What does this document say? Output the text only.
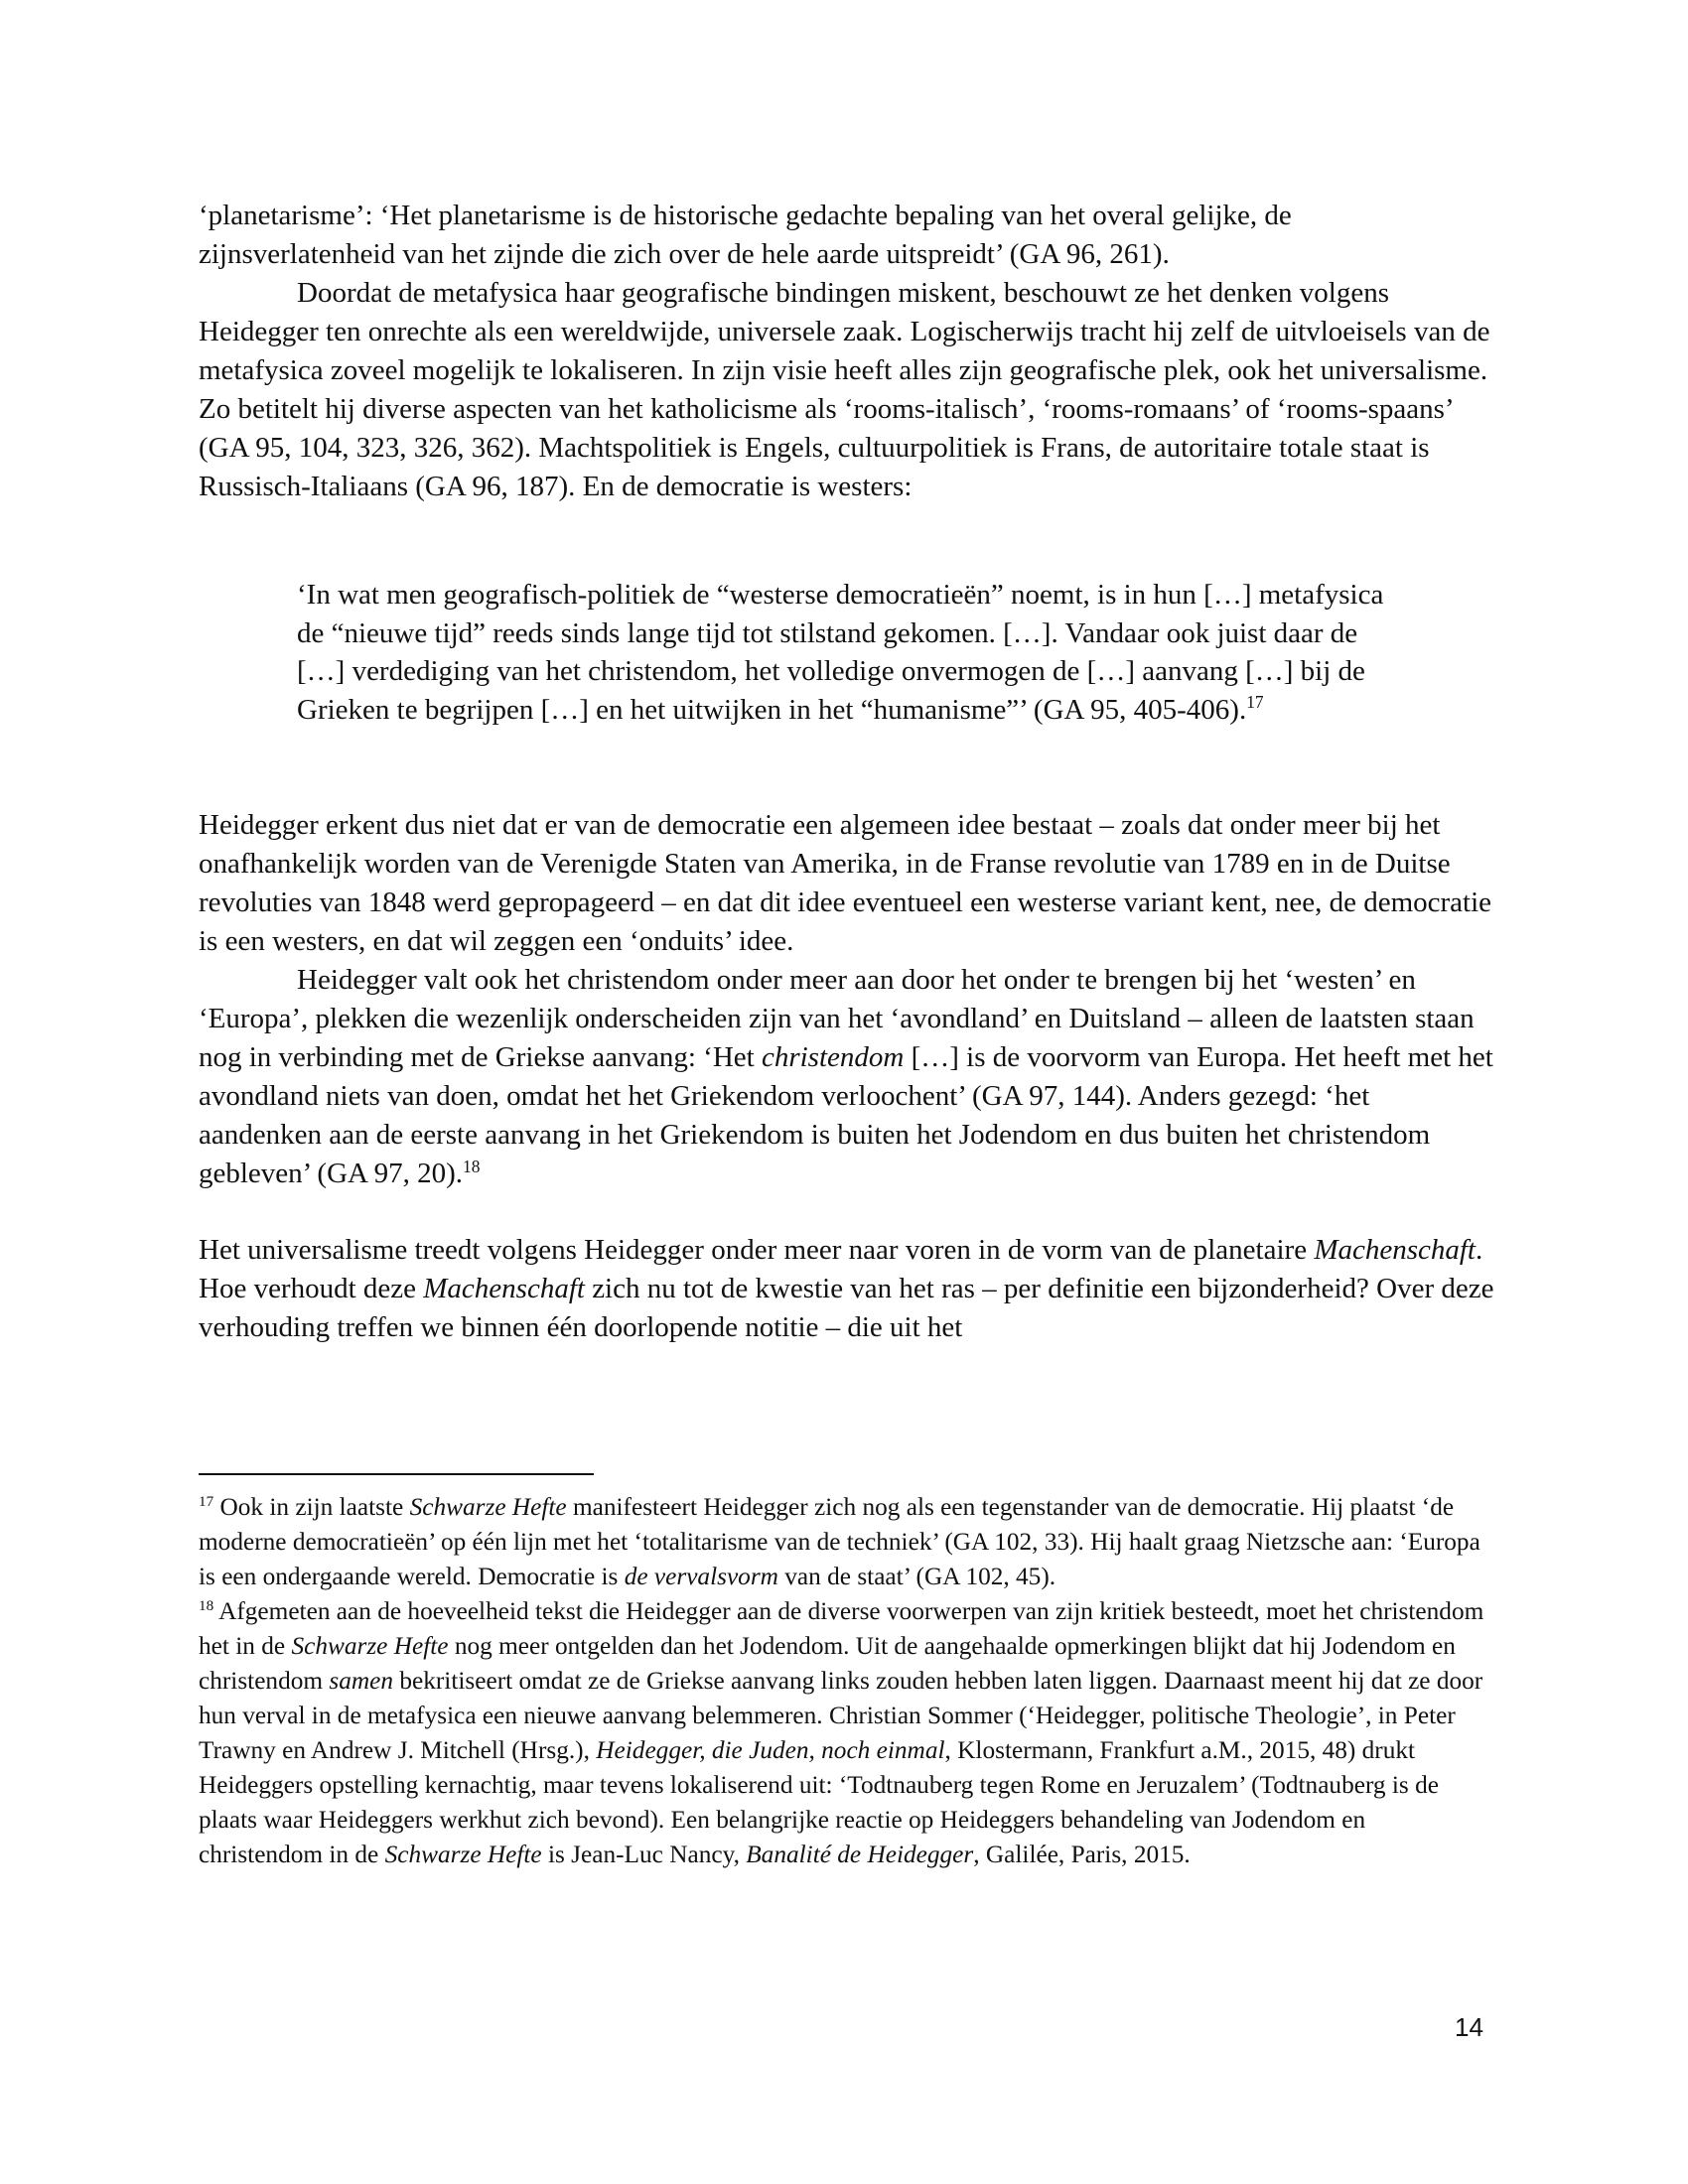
‘planetarisme’: ‘Het planetarisme is de historische gedachte bepaling van het overal gelijke, de zijnsverlatenheid van het zijnde die zich over de hele aarde uitspreidt’ (GA 96, 261).

Doordat de metafysica haar geografische bindingen miskent, beschouwt ze het denken volgens Heidegger ten onrechte als een wereldwijde, universele zaak. Logischerwijs tracht hij zelf de uitvloeisels van de metafysica zoveel mogelijk te lokaliseren. In zijn visie heeft alles zijn geografische plek, ook het universalisme. Zo betitelt hij diverse aspecten van het katholicisme als ‘rooms-italisch’, ‘rooms-romaans’ of ‘rooms-spaans’ (GA 95, 104, 323, 326, 362). Machtspolitiek is Engels, cultuurpolitiek is Frans, de autoritaire totale staat is Russisch-Italiaans (GA 96, 187). En de democratie is westers:

‘In wat men geografisch-politiek de “westerse democratieën” noemt, is in hun […] metafysica de “nieuwe tijd” reeds sinds lange tijd tot stilstand gekomen. […]. Vandaar ook juist daar de […] verdediging van het christendom, het volledige onvermogen de […] aanvang […] bij de Grieken te begrijpen […] en het uitwijken in het “humanisme”’ (GA 95, 405-406).$^{17}$

Heidegger erkent dus niet dat er van de democratie een algemeen idee bestaat – zoals dat onder meer bij het onafhankelijk worden van de Verenigde Staten van Amerika, in de Franse revolutie van 1789 en in de Duitse revoluties van 1848 werd gepropageerd – en dat dit idee eventueel een westerse variant kent, nee, de democratie is een westers, en dat wil zeggen een ‘onduits’ idee.

Heidegger valt ook het christendom onder meer aan door het onder te brengen bij het ‘westen’ en ‘Europa’, plekken die wezenlijk onderscheiden zijn van het ‘avondland’ en Duitsland – alleen de laatsten staan nog in verbinding met de Griekse aanvang: ‘Het christendom […] is de voorvorm van Europa. Het heeft met het avondland niets van doen, omdat het het Griekendom verloochent’ (GA 97, 144). Anders gezegd: ‘het aandenken aan de eerste aanvang in het Griekendom is buiten het Jodendom en dus buiten het christendom gebleven’ (GA 97, 20).$^{18}$

Het universalisme treedt volgens Heidegger onder meer naar voren in de vorm van de planetaire Machenschaft. Hoe verhoudt deze Machenschaft zich nu tot de kwestie van het ras – per definitie een bijzonderheid? Over deze verhouding treffen we binnen één doorlopende notitie – die uit het

$^{17}$ Ook in zijn laatste Schwarze Hefte manifesteert Heidegger zich nog als een tegenstander van de democratie. Hij plaatst ‘de moderne democratieën’ op één lijn met het ‘totalitarisme van de techniek’ (GA 102, 33). Hij haalt graag Nietzsche aan: ‘Europa is een ondergaande wereld. Democratie is de vervalsvorm van de staat’ (GA 102, 45).

$^{18}$ Afgemeten aan de hoeveelheid tekst die Heidegger aan de diverse voorwerpen van zijn kritiek besteedt, moet het christendom het in de Schwarze Hefte nog meer ontgelden dan het Jodendom. Uit de aangehaalde opmerkingen blijkt dat hij Jodendom en christendom samen bekritiseert omdat ze de Griekse aanvang links zouden hebben laten liggen. Daarnaast meent hij dat ze door hun verval in de metafysica een nieuwe aanvang belemmeren. Christian Sommer (‘Heidegger, politische Theologie’, in Peter Trawny en Andrew J. Mitchell (Hrsg.), Heidegger, die Juden, noch einmal, Klostermann, Frankfurt a.M., 2015, 48) drukt Heideggers opstelling kernachtig, maar tevens lokaliserend uit: ‘Todtnauberg tegen Rome en Jeruzalem’ (Todtnauberg is de plaats waar Heideggers werkhut zich bevond). Een belangrijke reactie op Heideggers behandeling van Jodendom en christendom in de Schwarze Hefte is Jean-Luc Nancy, Banalité de Heidegger, Galilée, Paris, 2015.

14
